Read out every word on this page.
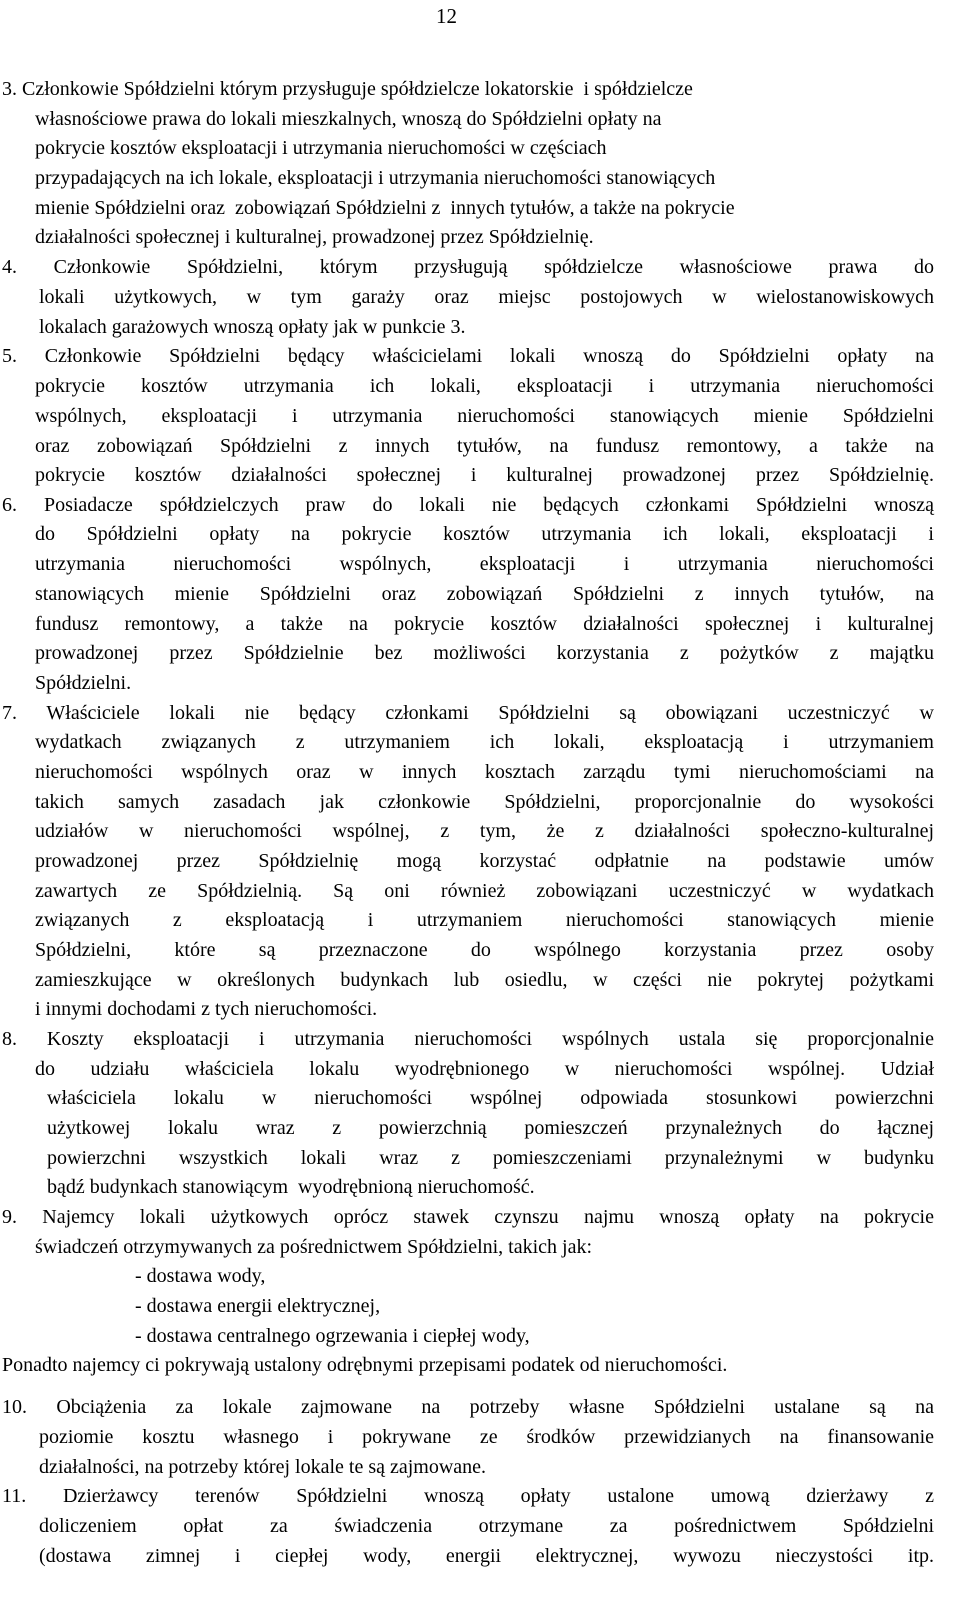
12
3. Członkowie Spółdzielni którym przysługuje spółdzielcze lokatorskie  i spółdzielcze
własnościowe prawa do lokali mieszkalnych, wnoszą do Spółdzielni opłaty na
pokrycie kosztów eksploatacji i utrzymania nieruchomości w częściach
przypadających na ich lokale, eksploatacji i utrzymania nieruchomości stanowiących
mienie Spółdzielni oraz  zobowiązań Spółdzielni z  innych tytułów, a także na pokrycie
działalności społecznej i kulturalnej, prowadzonej przez Spółdzielnię.
4. Członkowie Spółdzielni, którym przysługują spółdzielcze własnościowe prawa do
lokali użytkowych, w tym garaży oraz miejsc postojowych w wielostanowiskowych
lokalach garażowych wnoszą opłaty jak w punkcie 3.
5. Członkowie Spółdzielni będący właścicielami lokali wnoszą do Spółdzielni opłaty na
pokrycie kosztów utrzymania ich lokali, eksploatacji i utrzymania nieruchomości
wspólnych, eksploatacji i utrzymania nieruchomości stanowiących mienie Spółdzielni
oraz zobowiązań Spółdzielni z innych tytułów, na fundusz remontowy, a także na
pokrycie kosztów działalności społecznej i kulturalnej prowadzonej przez Spółdzielnię.
6. Posiadacze spółdzielczych praw do lokali nie będących członkami Spółdzielni wnoszą
do Spółdzielni opłaty na pokrycie kosztów utrzymania ich lokali, eksploatacji i
utrzymania nieruchomości wspólnych, eksploatacji i utrzymania nieruchomości
stanowiących mienie Spółdzielni oraz zobowiązań Spółdzielni z innych tytułów, na
fundusz remontowy, a także na pokrycie kosztów działalności społecznej i kulturalnej
prowadzonej przez Spółdzielnie bez możliwości korzystania z pożytków z majątku
Spółdzielni.
7. Właściciele lokali nie będący członkami Spółdzielni są obowiązani uczestniczyć w
wydatkach związanych z utrzymaniem ich lokali, eksploatacją i utrzymaniem
nieruchomości wspólnych oraz w innych kosztach zarządu tymi nieruchomościami na
takich samych zasadach jak członkowie Spółdzielni, proporcjonalnie do wysokości
udziałów w nieruchomości wspólnej, z tym, że z działalności społeczno-kulturalnej
prowadzonej przez Spółdzielnię mogą korzystać odpłatnie na podstawie umów
zawartych ze Spółdzielnią. Są oni również zobowiązani uczestniczyć w wydatkach
związanych z eksploatacją i utrzymaniem nieruchomości stanowiących mienie
Spółdzielni, które są przeznaczone do wspólnego korzystania przez osoby
zamieszkujące w określonych budynkach lub osiedlu, w części nie pokrytej pożytkami
i innymi dochodami z tych nieruchomości.
8. Koszty eksploatacji i utrzymania nieruchomości wspólnych ustala się proporcjonalnie
do udziału właściciela lokalu wyodrębnionego w nieruchomości wspólnej. Udział
właściciela lokalu w nieruchomości wspólnej odpowiada stosunkowi powierzchni
użytkowej lokalu wraz z powierzchnią pomieszczeń przynależnych do łącznej
powierzchni wszystkich lokali wraz z pomieszczeniami przynależnymi w budynku
bądź budynkach stanowiącym  wyodrębnioną nieruchomość.
9. Najemcy lokali użytkowych oprócz stawek czynszu najmu wnoszą opłaty na pokrycie
świadczeń otrzymywanych za pośrednictwem Spółdzielni, takich jak:
- dostawa wody,
- dostawa energii elektrycznej,
- dostawa centralnego ogrzewania i ciepłej wody,
Ponadto najemcy ci pokrywają ustalony odrębnymi przepisami podatek od nieruchomości.
10. Obciążenia za lokale zajmowane na potrzeby własne Spółdzielni ustalane są na
poziomie kosztu własnego i pokrywane ze środków przewidzianych na finansowanie
działalności, na potrzeby której lokale te są zajmowane.
11. Dzierżawcy terenów Spółdzielni wnoszą opłaty ustalone umową dzierżawy z
doliczeniem opłat za świadczenia otrzymane za pośrednictwem Spółdzielni
(dostawa zimnej i ciepłej wody, energii elektrycznej, wywozu nieczystości itp.
